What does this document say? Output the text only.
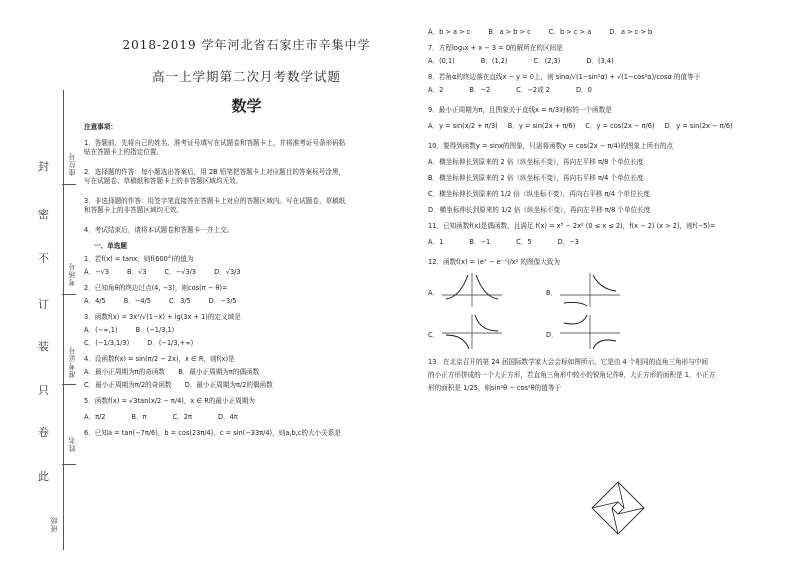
封
密
不
订
装
只
卷
此
座位号
考场号
准考证号
姓名
班级
2018-2019 学年河北省石家庄市辛集中学
高一上学期第二次月考数学试题
数学
注意事项：
1．答题前，先将自己的姓名、准考证号填写在试题卷和答题卡上，并将准考证号条形码粘
贴在答题卡上的指定位置。
2．选择题的作答：每小题选出答案后，用 2B 铅笔把答题卡上对应题目的答案标号涂黑，
写在试题卷、草稿纸和答题卡上的非答题区域均无效。
3．非选择题的作答：用签字笔直接答在答题卡上对应的答题区域内。写在试题卷、草稿纸
和答题卡上的非答题区域均无效。
4．考试结束后，请将本试题卷和答题卡一并上交。
一、单选题
1．若f(x) = tanx，则f(600°)的值为
A．−√3	B．√3	C．−√3/3	D．√3/3
2．已知角θ的终边过点(4, −3)，则cos(π − θ)=
A．4/5	B．−4/5	C．3/5	D．−3/5
3．函数f(x) = 3x²/√(1−x) + lg(3x + 1)的定义域是
A．(−∞,1)	B．(−1/3,1)
C．(−1/3,1/3)	D．(−1/3,+∞)
4．设函数f(x) = sin(π/2 − 2x)，x ∈ R，则f(x)是
A．最小正周期为π的奇函数　　B．最小正周期为π的偶函数
C．最小正周期为π/2的奇函数　　D．最小正周期为π/2的偶函数
5．函数f(x) = √3tan(x/2 − π/4)，x ∈ R的最小正周期为
A．π/2	B．π	C．2π	D．4π
6．已知a = tan(−7π/6)，b = cos(23π/4)，c = sin(−33π/4)，则a,b,c的大小关系是
A．b > a > c	B．a > b > c	C．b > c > a	D．a > c > b
7．方程log₃x + x − 3 = 0的解所在的区间是
A．(0,1)	B．(1,2)	C．(2,3)	D．(3,4)
8．若角α的终边落在直线x − y = 0上，则 sinα/√(1−sin²α) + √(1−cos²α)/cosα 的值等于
A．2	B．−2	C．−2或 2	D．0
9．最小正周期为π，且图象关于直线x = π/3对称的一个函数是
A．y = sin(x/2 + π/3) B．y = sin(2x + π/6) C．y = cos(2x − π/6) D．y = sin(2x − π/6)
10．要得到函数y = sinx的图象，只需将函数y = cos(2x − π/4)的图象上所有的点
A．横坐标伸长到原来的 2 倍（纵坐标不变），再向左平移 π/8 个单位长度
B．横坐标伸长到原来的 2 倍（纵坐标不变），再向右平移 π/4 个单位长度
C．横坐标伸长到原来的 1/2 倍（纵坐标不变），再向右平移 π/4 个单位长度
D．横坐标伸长到原来的 1/2 倍（纵坐标不变），再向左平移 π/8 个单位长度
11．已知函数f(x)是偶函数，且满足 f(x) = x³ − 2x² (0 ≤ x ≤ 2)，f(x − 2) (x > 2)，则f(−5)=
A．1	B．−1	C．5	D．−3
12．函数f(x) = (eˣ − e⁻ˣ)/x² 的图像大致为
A．	B．
C．	D．
13．在北京召开的第 24 届国际数学家大会会标如图所示，它是由 4 个相同的直角三角形与中间
的小正方形拼成的一个大正方形，若直角三角形中较小的锐角记作θ，大正方形的面积是 1，小正方
形的面积是 1/25，则sin²θ − cos²θ的值等于
